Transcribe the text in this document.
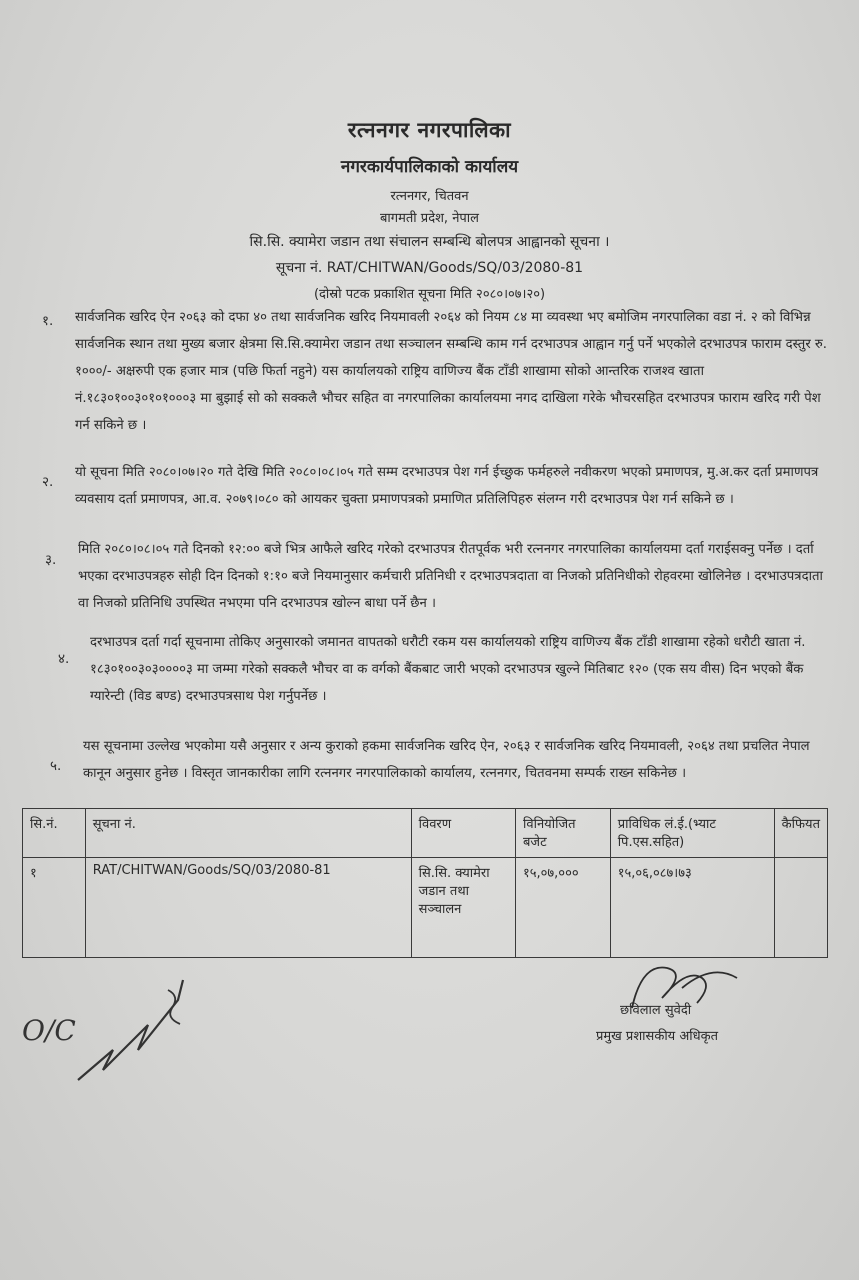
रत्ननगर नगरपालिका
नगरकार्यपालिकाको कार्यालय
रत्ननगर, चितवन
बागमती प्रदेश, नेपाल
सि.सि. क्यामेरा जडान तथा संचालन सम्बन्धि बोलपत्र आह्वानको सूचना ।
सूचना नं. RAT/CHITWAN/Goods/SQ/03/2080-81
(दोस्रो पटक प्रकाशित सूचना मिति २०८०।०७।२०)
१. सार्वजनिक खरिद ऐन २०६३ को दफा ४० तथा सार्वजनिक खरिद नियमावली २०६४ को नियम ८४ मा व्यवस्था भए बमोजिम नगरपालिका वडा नं. २ को विभिन्न सार्वजनिक स्थान तथा मुख्य बजार क्षेत्रमा सि.सि.क्यामेरा जडान तथा सञ्चालन सम्बन्धि काम गर्न दरभाउपत्र आह्वान गर्नु पर्ने भएकोले दरभाउपत्र फाराम दस्तुर रु. १०००/- अक्षरुपी एक हजार मात्र (पछि फिर्ता नहुने) यस कार्यालयको राष्ट्रिय वाणिज्य बैंक टाँडी शाखामा सोको आन्तरिक राजश्व खाता नं.१८३०१००३०१०१०००३ मा बुझाई सो को सक्कलै भौचर सहित वा नगरपालिका कार्यालयमा नगद दाखिला गरेके भौचरसहित दरभाउपत्र फाराम खरिद गरी पेश गर्न सकिने छ ।
२.
यो सूचना मिति २०८०।०७।२० गते देखि मिति २०८०।०८।०५ गते सम्म दरभाउपत्र पेश गर्न ईच्छुक फर्महरुले नवीकरण भएको प्रमाणपत्र, मु.अ.कर दर्ता प्रमाणपत्र व्यवसाय दर्ता प्रमाणपत्र, आ.व. २०७९।०८० को आयकर चुक्ता प्रमाणपत्रको प्रमाणित प्रतिलिपिहरु संलग्न गरी दरभाउपत्र पेश गर्न सकिने छ ।
३.
मिति २०८०।०८।०५ गते दिनको १२:०० बजे भित्र आफैले खरिद गरेको दरभाउपत्र रीतपूर्वक भरी रत्ननगर नगरपालिका कार्यालयमा दर्ता गराईसक्नु पर्नेछ । दर्ता भएका दरभाउपत्रहरु सोही दिन दिनको १:१० बजे नियमानुसार कर्मचारी प्रतिनिधी र दरभाउपत्रदाता वा निजको प्रतिनिधीको रोहवरमा खोलिनेछ । दरभाउपत्रदाता वा निजको प्रतिनिधि उपस्थित नभएमा पनि दरभाउपत्र खोल्न बाधा पर्ने छैन ।
४.
दरभाउपत्र दर्ता गर्दा सूचनामा तोकिए अनुसारको जमानत वापतको धरौटी रकम यस कार्यालयको राष्ट्रिय वाणिज्य बैंक टाँडी शाखामा रहेको धरौटी खाता नं. १८३०१००३०३००००३ मा जम्मा गरेको सक्कलै भौचर वा क वर्गको बैंकबाट जारी भएको दरभाउपत्र खुल्ने मितिबाट १२० (एक सय वीस) दिन भएको बैंक ग्यारेन्टी (विड बण्ड) दरभाउपत्रसाथ पेश गर्नुपर्नेछ ।
५.
यस सूचनामा उल्लेख भएकोमा यसै अनुसार र अन्य कुराको हकमा सार्वजनिक खरिद ऐन, २०६३ र सार्वजनिक खरिद नियमावली, २०६४ तथा प्रचलित नेपाल कानून अनुसार हुनेछ । विस्तृत जानकारीका लागि रत्ननगर नगरपालिकाको कार्यालय, रत्ननगर, चितवनमा सम्पर्क राख्न सकिनेछ ।
सि.नं.	सूचना नं.	विवरण	विनियोजित बजेट	प्राविधिक लं.ई.(भ्याट पि.एस.सहित)	कैफियत
१	RAT/CHITWAN/Goods/SQ/03/2080-81	सि.सि. क्यामेरा जडान तथा सञ्चालन	१५,०७,०००	१५,०६,०८७।७३	
O/C
छविलाल सुवेदी
प्रमुख प्रशासकीय अधिकृत
